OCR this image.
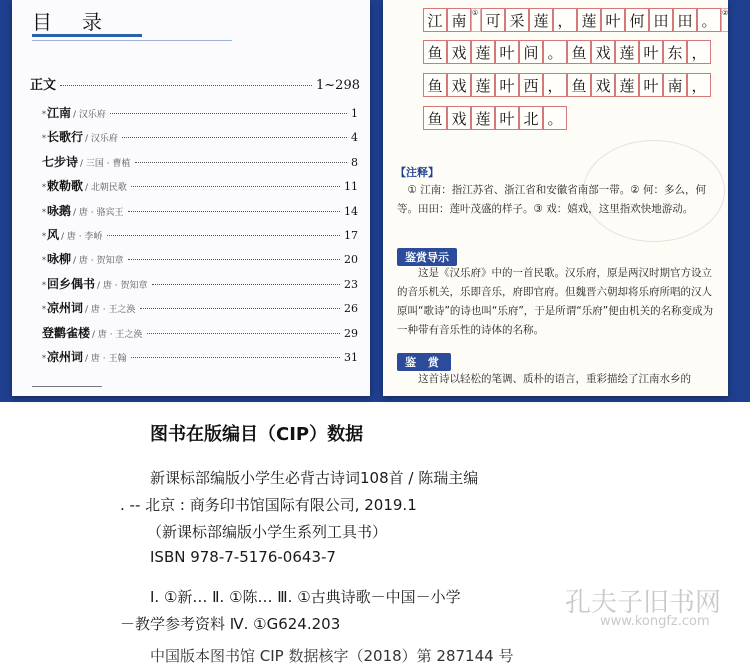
目录
正文	1~298
* 江南 / 汉乐府	1
* 长歌行 / 汉乐府	4
七步诗 / 三国 · 曹植	8
* 敕勒歌 / 北朝民歌	11
* 咏鹅 / 唐 · 骆宾王	14
* 风 / 唐 · 李峤	17
* 咏柳 / 唐 · 贺知章	20
* 回乡偶书 / 唐 · 贺知章	23
* 凉州词 / 唐 · 王之涣	26
登鹳雀楼 / 唐 · 王之涣	29
* 凉州词 / 唐 · 王翰	31
江 南 ① 可 采 莲 ， 莲 叶 何 田 田 。 ②
鱼 戏 莲 叶 间 。 鱼 戏 莲 叶 东 ，
鱼 戏 莲 叶 西 ， 鱼 戏 莲 叶 南 ，
鱼 戏 莲 叶 北 。
【注释】
① 江南：指江苏省、浙江省和安徽省南部一带。② 何：多么，何等。田田：莲叶茂盛的样子。③ 戏：嬉戏，这里指欢快地游动。
鉴赏导示
这是《汉乐府》中的一首民歌。汉乐府，原是两汉时期官方设立的音乐机关，乐即音乐，府即官府。但魏晋六朝却将乐府所唱的汉人原叫“歌诗”的诗也叫“乐府”，于是所谓“乐府”便由机关的名称变成为一种带有音乐性的诗体的名称。
鉴 赏
这首诗以轻松的笔调、质朴的语言，重彩描绘了江南水乡的
图书在版编目（CIP）数据
新课标部编版小学生必背古诗词108首 / 陈瑞主编
. -- 北京 : 商务印书馆国际有限公司, 2019.1
（新课标部编版小学生系列工具书）
ISBN 978-7-5176-0643-7
Ⅰ. ①新… Ⅱ. ①陈… Ⅲ. ①古典诗歌－中国－小学
－教学参考资料 Ⅳ. ①G624.203
中国版本图书馆 CIP 数据核字（2018）第 287144 号
孔夫子旧书网
www.kongfz.com
